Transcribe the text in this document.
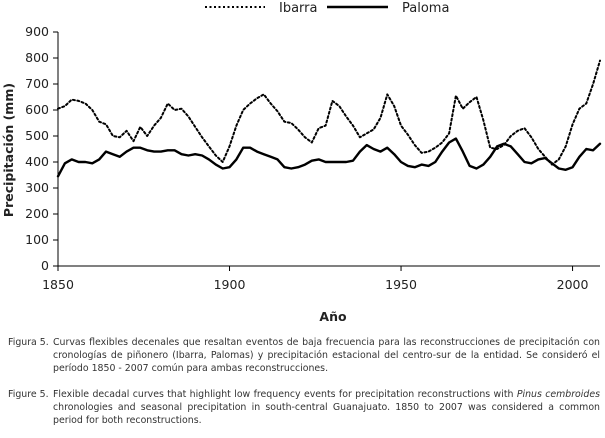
Ibarra	Paloma
0
100
200
300
400
500
600
700
800
900
1850	1900	1950	2000
Año
Precipitación (mm)
Figura 5. Curvas flexibles decenales que resaltan eventos de baja frecuencia para las reconstrucciones de precipitación con cronologías de piñonero (Ibarra, Palomas) y precipitación estacional del centro-sur de la entidad. Se consideró el período 1850 - 2007 común para ambas reconstrucciones.
Figure 5. Flexible decadal curves that highlight low frequency events for precipitation reconstructions with Pinus cembroides chronologies and seasonal precipitation in south-central Guanajuato. 1850 to 2007 was considered a common period for both reconstructions.
